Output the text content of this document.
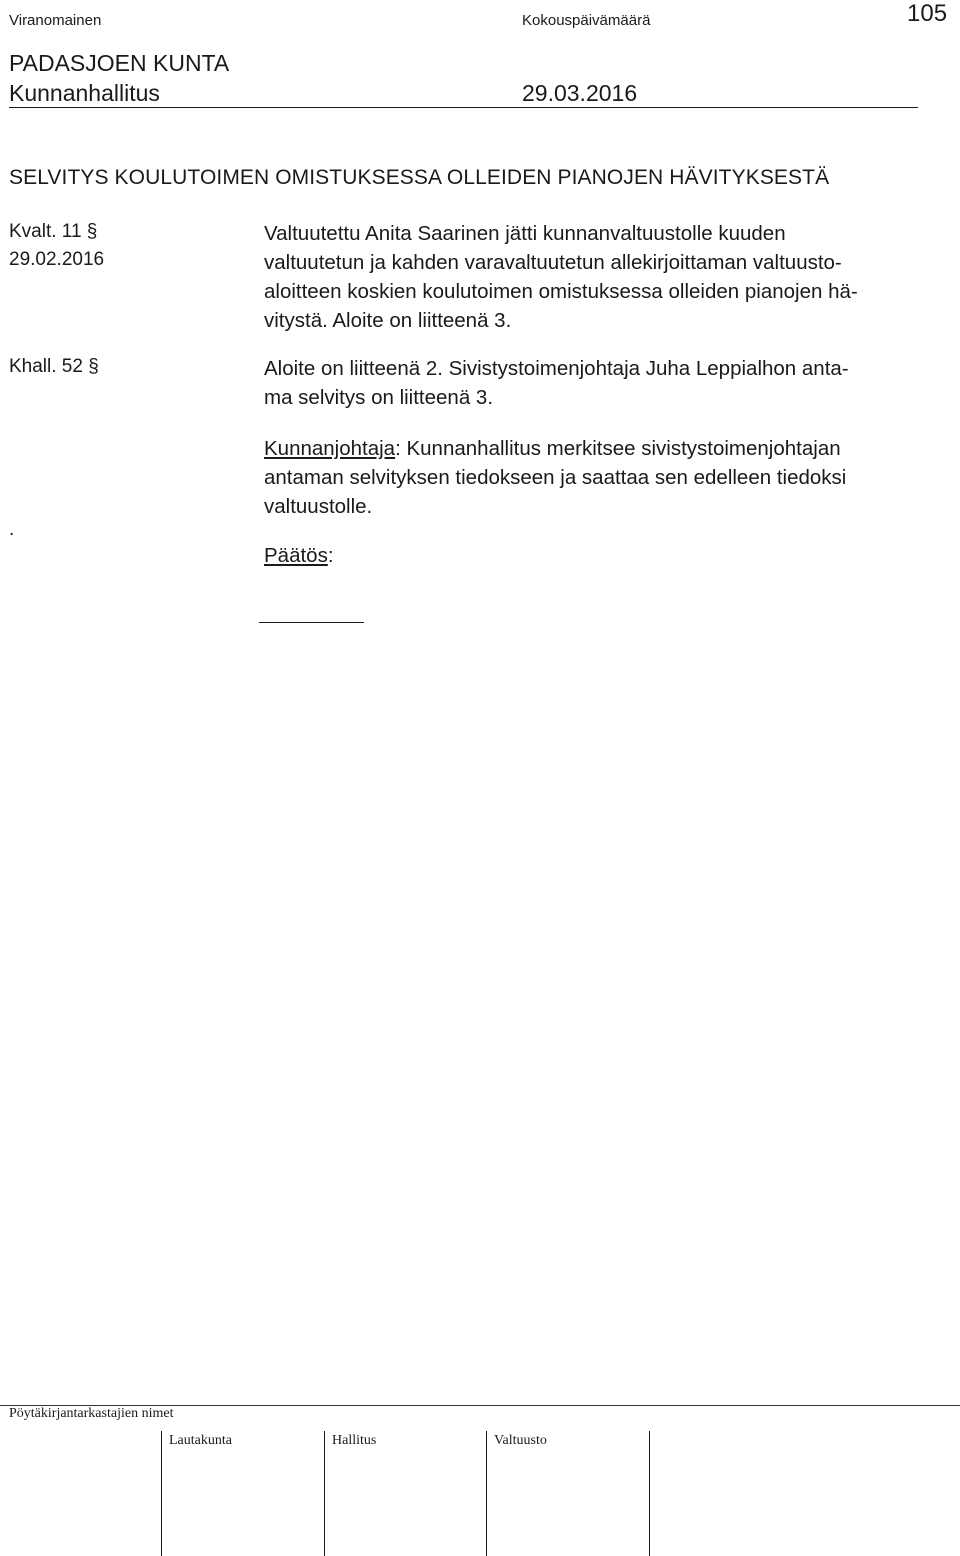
Viranomainen	Kokouspäivämäärä	105
PADASJOEN KUNTA
Kunnanhallitus	29.03.2016
SELVITYS KOULUTOIMEN OMISTUKSESSA OLLEIDEN PIANOJEN HÄVITYKSESTÄ
Kvalt. 11 §
29.02.2016

Valtuutettu Anita Saarinen jätti kunnanvaltuustolle kuuden

valtuutetun ja kahden varavaltuutetun allekirjoittaman valtuusto-

aloitteen koskien koulutoimen omistuksessa olleiden pianojen hä-

vitystä. Aloite on liitteenä 3.

Khall. 52 §	Aloite on liitteenä 2. Sivistystoimenjohtaja Juha Leppialhon anta-

ma selvitys on liitteenä 3.

Kunnanjohtaja: Kunnanhallitus merkitsee sivistystoimenjohtajan

antaman selvityksen tiedokseen ja saattaa sen edelleen tiedoksi

valtuustolle.

.
Päätös:
Pöytäkirjantarkastajien nimet
Lautakunta	Hallitus	Valtuusto
